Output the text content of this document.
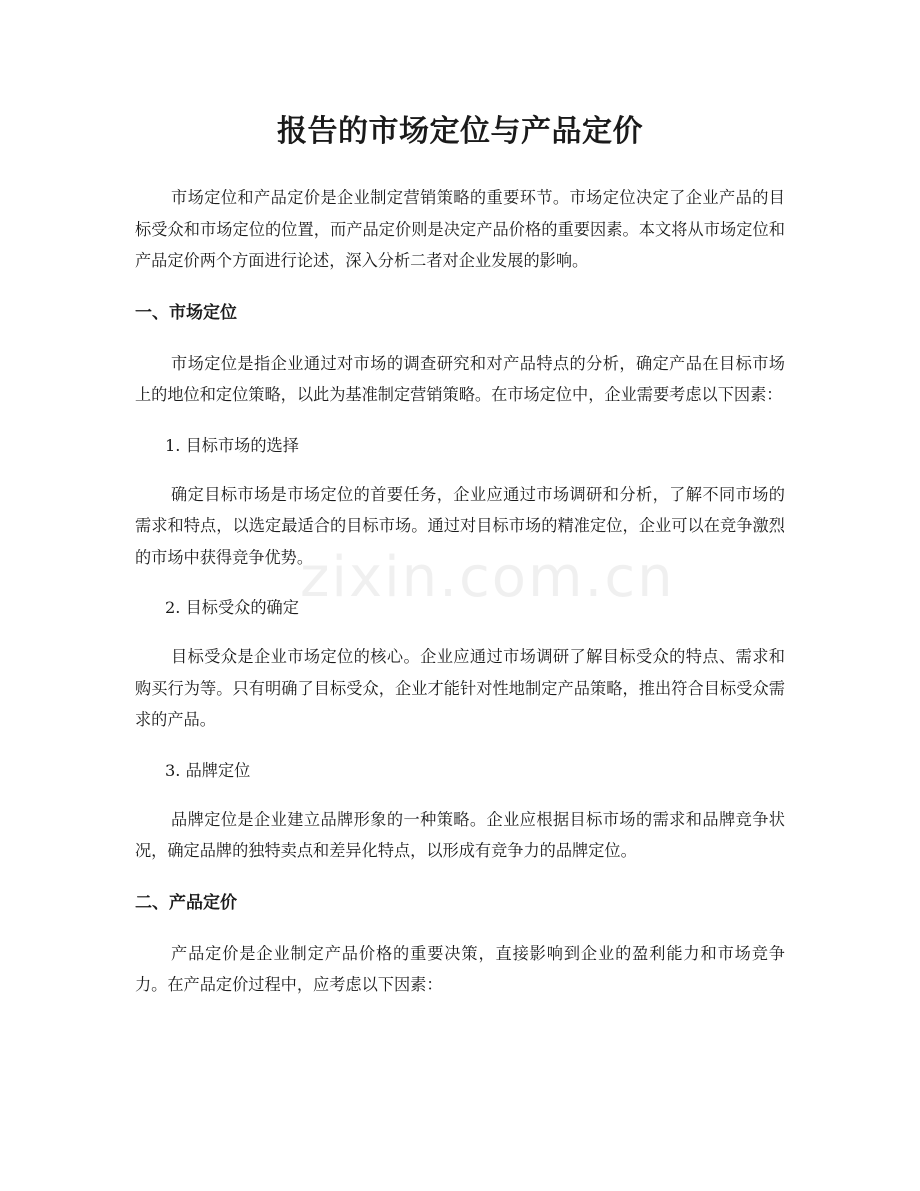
zixin.com.cn
报告的市场定位与产品定价

市场定位和产品定价是企业制定营销策略的重要环节。市场定位决定了企业产品的目标受众和市场定位的位置，而产品定价则是决定产品价格的重要因素。本文将从市场定位和产品定价两个方面进行论述，深入分析二者对企业发展的影响。

一、市场定位

市场定位是指企业通过对市场的调查研究和对产品特点的分析，确定产品在目标市场上的地位和定位策略，以此为基准制定营销策略。在市场定位中，企业需要考虑以下因素：

1. 目标市场的选择

确定目标市场是市场定位的首要任务，企业应通过市场调研和分析，了解不同市场的需求和特点，以选定最适合的目标市场。通过对目标市场的精准定位，企业可以在竞争激烈的市场中获得竞争优势。

2. 目标受众的确定

目标受众是企业市场定位的核心。企业应通过市场调研了解目标受众的特点、需求和购买行为等。只有明确了目标受众，企业才能针对性地制定产品策略，推出符合目标受众需求的产品。

3. 品牌定位

品牌定位是企业建立品牌形象的一种策略。企业应根据目标市场的需求和品牌竞争状况，确定品牌的独特卖点和差异化特点，以形成有竞争力的品牌定位。

二、产品定价

产品定价是企业制定产品价格的重要决策，直接影响到企业的盈利能力和市场竞争力。在产品定价过程中，应考虑以下因素：
